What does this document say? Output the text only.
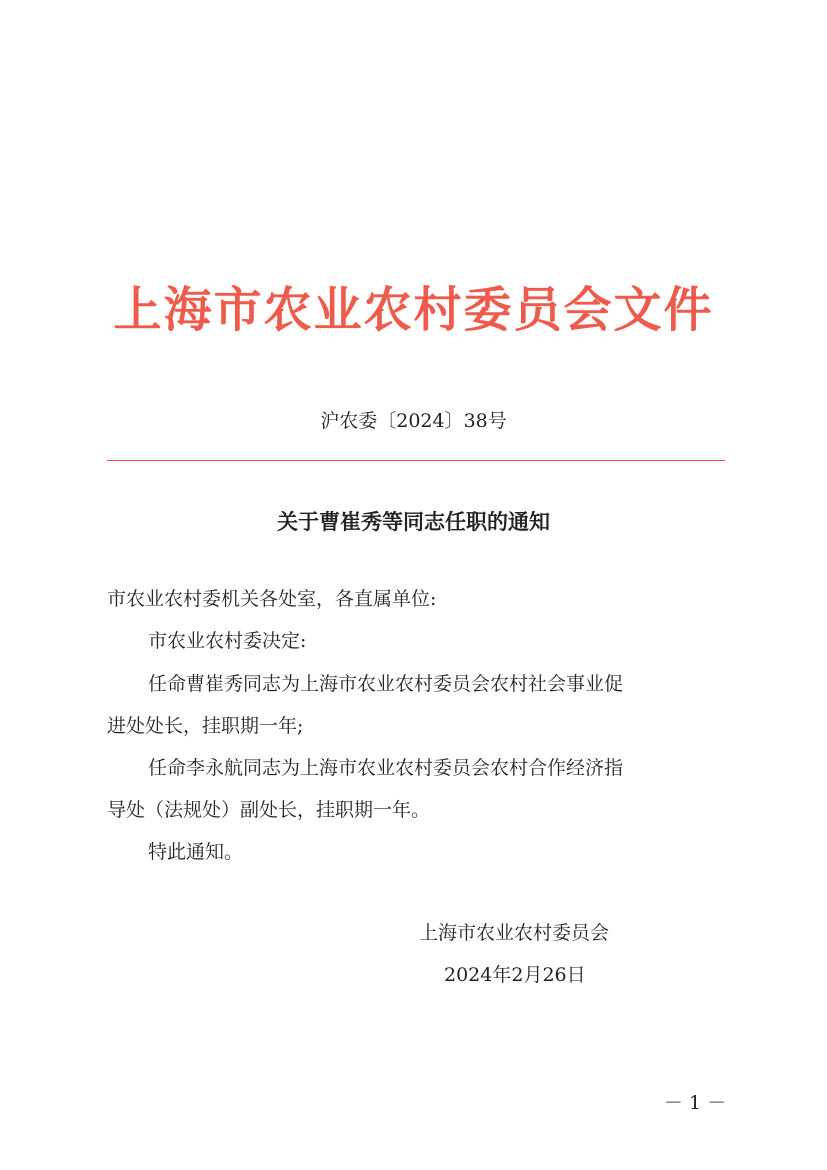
上海市农业农村委员会文件
沪农委〔2024〕38号
关于曹崔秀等同志任职的通知
市农业农村委机关各处室，各直属单位:
市农业农村委决定:
任命曹崔秀同志为上海市农业农村委员会农村社会事业促
进处处长，挂职期一年;
任命李永航同志为上海市农业农村委员会农村合作经济指
导处（法规处）副处长，挂职期一年。
特此通知。
上海市农业农村委员会
2024年2月26日
－ 1 －
